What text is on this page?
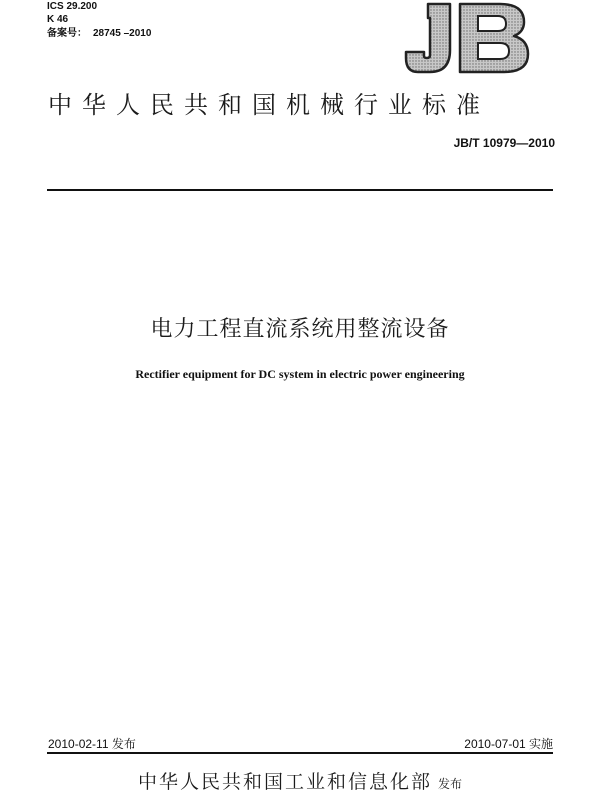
ICS 29.200
K 46
备案号： 28745 –2010
中华人民共和国机械行业标准
JB/T 10979—2010
电力工程直流系统用整流设备
Rectifier equipment for DC system in electric power engineering
2010-02-11 发布	2010-07-01 实施
中华人民共和国工业和信息化部 发布
